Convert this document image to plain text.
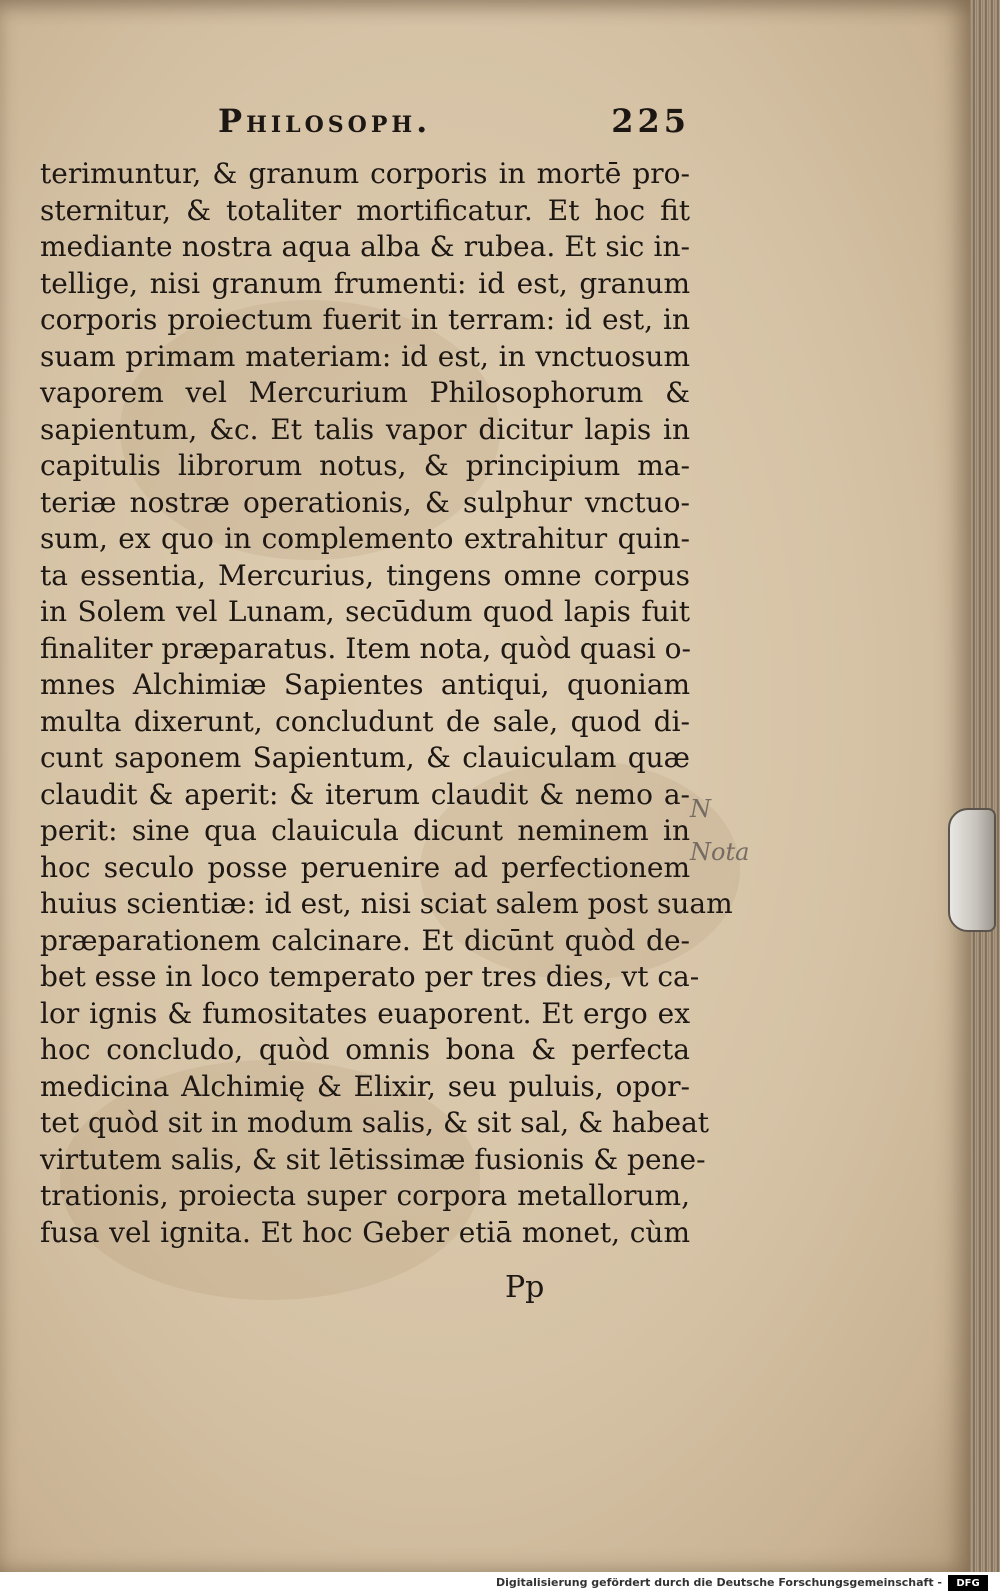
Philosoph.	225
terimuntur, & granum corporis in mortē pro-
sternitur, & totaliter mortificatur. Et hoc fit
mediante nostra aqua alba & rubea. Et sic in-
tellige, nisi granum frumenti: id est, granum
corporis proiectum fuerit in terram: id est, in
suam primam materiam: id est, in vnctuosum
vaporem vel Mercurium Philosophorum &
sapientum, &c. Et talis vapor dicitur lapis in
capitulis librorum notus, & principium ma-
teriæ nostræ operationis, & sulphur vnctuo-
sum, ex quo in complemento extrahitur quin-
ta essentia, Mercurius, tingens omne corpus
in Solem vel Lunam, secūdum quod lapis fuit
finaliter præparatus. Item nota, quòd quasi o-
mnes Alchimiæ Sapientes antiqui, quoniam
multa dixerunt, concludunt de sale, quod di-
cunt saponem Sapientum, & clauiculam quæ
claudit & aperit: & iterum claudit & nemo a-
perit: sine qua clauicula dicunt neminem in
hoc seculo posse peruenire ad perfectionem
huius scientiæ: id est, nisi sciat salem post suam
præparationem calcinare. Et dicūnt quòd de-
bet esse in loco temperato per tres dies, vt ca-
lor ignis & fumositates euaporent. Et ergo ex
hoc concludo, quòd omnis bona & perfecta
medicina Alchimię & Elixir, seu puluis, opor-
tet quòd sit in modum salis, & sit sal, & habeat
virtutem salis, & sit lētissimæ fusionis & pene-
trationis, proiecta super corpora metallorum,
fusa vel ignita. Et hoc Geber etiā monet, cùm
N
Nota
Pp
Digitalisierung gefördert durch die Deutsche Forschungsgemeinschaft -	DFG
